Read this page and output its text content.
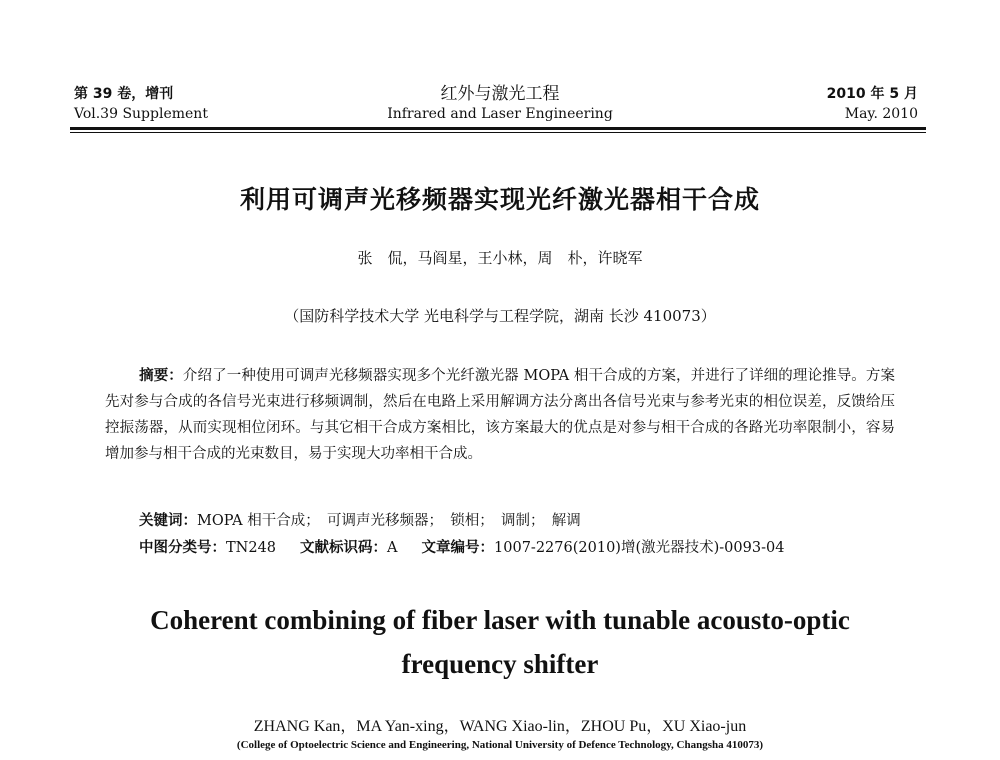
第 39 卷，增刊
Vol.39 Supplement
红外与激光工程
Infrared and Laser Engineering
2010 年 5 月
May. 2010
利用可调声光移频器实现光纤激光器相干合成
张　侃，马阎星，王小林，周　朴，许晓军
（国防科学技术大学 光电科学与工程学院，湖南 长沙 410073）
摘要：介绍了一种使用可调声光移频器实现多个光纤激光器 MOPA 相干合成的方案，并进行了详细的理论推导。方案先对参与合成的各信号光束进行移频调制，然后在电路上采用解调方法分离出各信号光束与参考光束的相位误差，反馈给压控振荡器，从而实现相位闭环。与其它相干合成方案相比，该方案最大的优点是对参与相干合成的各路光功率限制小，容易增加参与相干合成的光束数目，易于实现大功率相干合成。
关键词：MOPA 相干合成；　可调声光移频器；　锁相；　调制；　解调
中图分类号：TN248 文献标识码：A 文章编号：1007-2276(2010)增(激光器技术)-0093-04
Coherent combining of fiber laser with tunable acousto-optic
frequency shifter
ZHANG Kan，MA Yan-xing，WANG Xiao-lin，ZHOU Pu，XU Xiao-jun
(College of Optoelectric Science and Engineering, National University of Defence Technology, Changsha 410073)
